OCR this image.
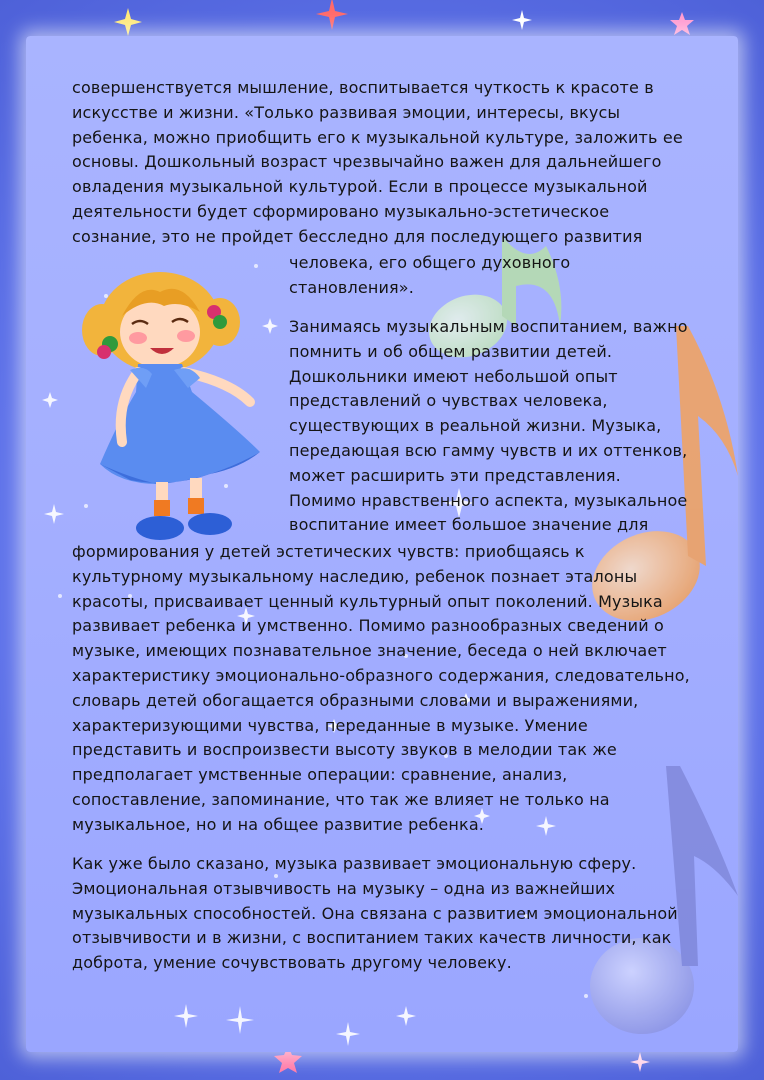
совершенствуется мышление, воспитывается чуткость к красоте в

искусстве и жизни. «Только развивая эмоции, интересы, вкусы

ребенка, можно приобщить его к музыкальной культуре, заложить ее

основы. Дошкольный возраст чрезвычайно важен для дальнейшего

овладения музыкальной культурой. Если в процессе музыкальной

деятельности будет сформировано музыкально-эстетическое

сознание, это не пройдет бесследно для последующего развития

человека, его общего духовного

становления».

Занимаясь музыкальным воспитанием, важно

помнить и об общем развитии детей.

Дошкольники имеют небольшой опыт

представлений о чувствах человека,

существующих в реальной жизни. Музыка,

передающая всю гамму чувств и их оттенков,

может расширить эти представления.

Помимо нравственного аспекта, музыкальное

воспитание имеет большое значение для

формирования у детей эстетических чувств: приобщаясь к

культурному музыкальному наследию, ребенок познает эталоны

красоты, присваивает ценный культурный опыт поколений. Музыка

развивает ребенка и умственно. Помимо разнообразных сведений о

музыке, имеющих познавательное значение, беседа о ней включает

характеристику эмоционально-образного содержания, следовательно,

словарь детей обогащается образными словами и выражениями,

характеризующими чувства, переданные в музыке. Умение

представить и воспроизвести высоту звуков в мелодии так же

предполагает умственные операции: сравнение, анализ,

сопоставление, запоминание, что так же влияет не только на

музыкальное, но и на общее развитие ребенка.

Как уже было сказано, музыка развивает эмоциональную сферу.

Эмоциональная отзывчивость на музыку – одна из важнейших

музыкальных способностей. Она связана с развитием эмоциональной

отзывчивости и в жизни, с воспитанием таких качеств личности, как

доброта, умение сочувствовать другому человеку.
